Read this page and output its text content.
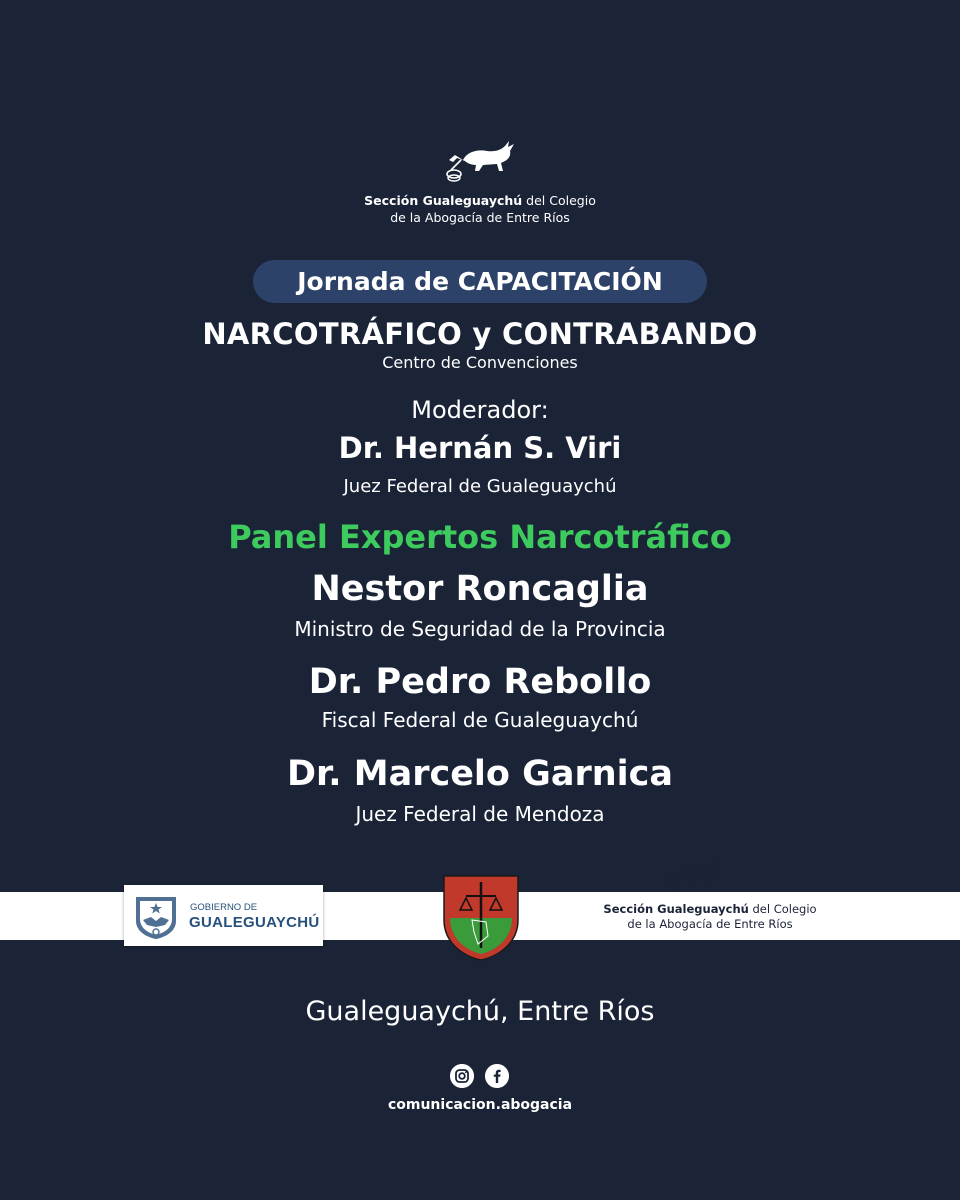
Sección Gualeguaychú del Colegio
de la Abogacía de Entre Ríos
Jornada de CAPACITACIÓN
NARCOTRÁFICO y CONTRABANDO
Centro de Convenciones
Moderador:
Dr. Hernán S. Viri
Juez Federal de Gualeguaychú
Panel Expertos Narcotráfico
Nestor Roncaglia
Ministro de Seguridad de la Provincia
Dr. Pedro Rebollo
Fiscal Federal de Gualeguaychú
Dr. Marcelo Garnica
Juez Federal de Mendoza
GOBIERNO DE
GUALEGUAYCHÚ
Sección Gualeguaychú del Colegio
de la Abogacía de Entre Ríos
Gualeguaychú, Entre Ríos
comunicacion.abogacia
